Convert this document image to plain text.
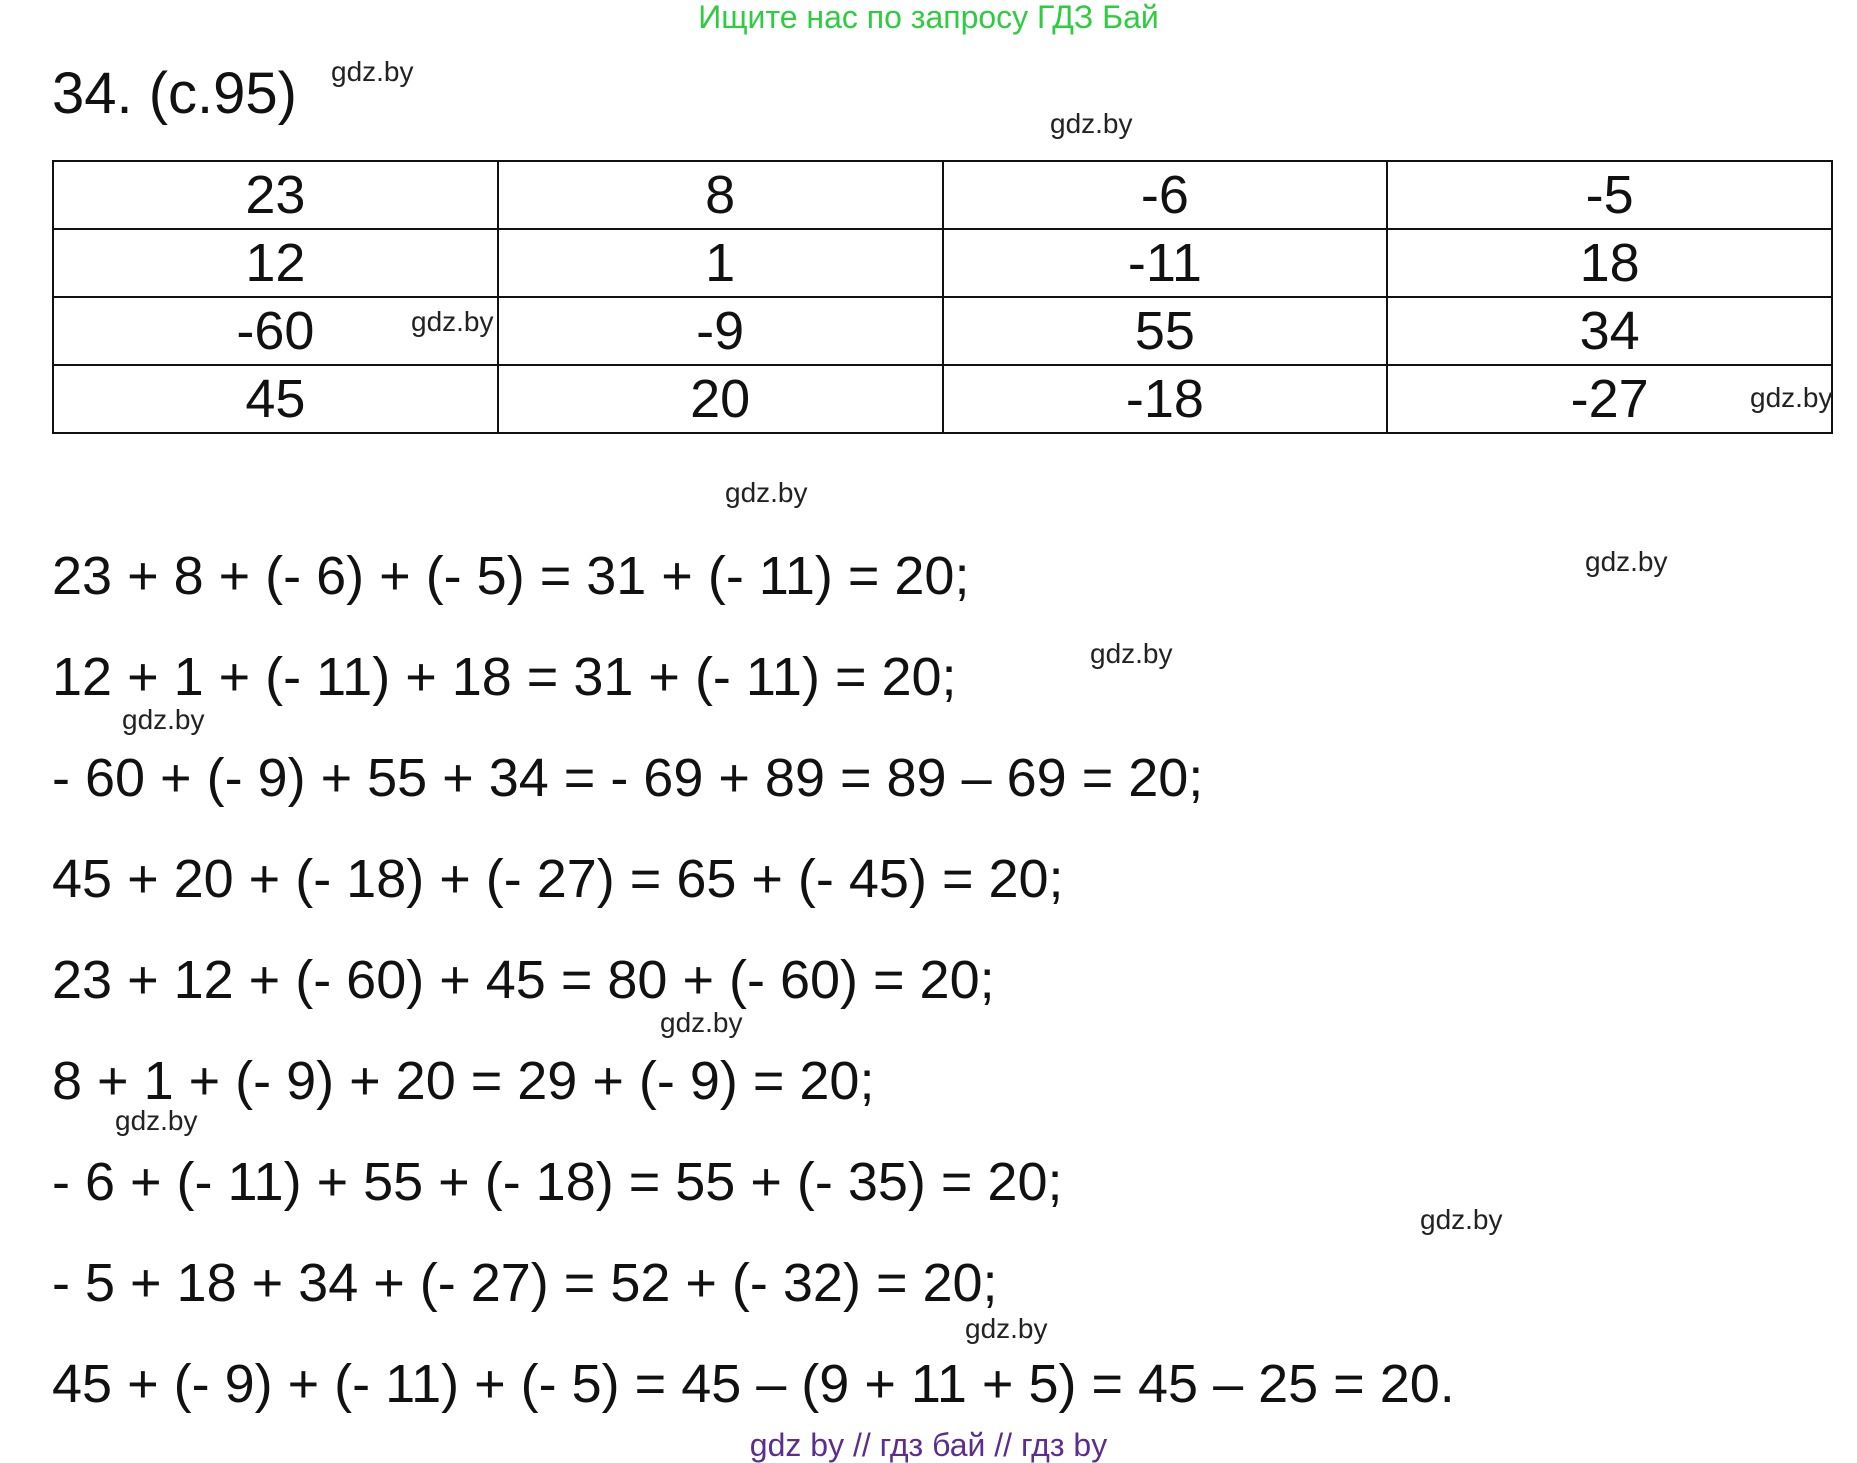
Ищите нас по запросу ГДЗ Бай
34. (с.95)
23	8	-6	-5
12	1	-11	18
-60	-9	55	34
45	20	-18	-27
23 + 8 + (- 6) + (- 5) = 31 + (- 11) = 20;
12 + 1 + (- 11) + 18 = 31 + (- 11) = 20;
- 60 + (- 9) + 55 + 34 = - 69 + 89 = 89 – 69 = 20;
45 + 20 + (- 18) + (- 27) = 65 + (- 45) = 20;
23 + 12 + (- 60) + 45 = 80 + (- 60) = 20;
8 + 1 + (- 9) + 20 = 29 + (- 9) = 20;
- 6 + (- 11) + 55 + (- 18) = 55 + (- 35) = 20;
- 5 + 18 + 34 + (- 27) = 52 + (- 32) = 20;
45 + (- 9) + (- 11) + (- 5) = 45 – (9 + 11 + 5) = 45 – 25 = 20.
gdz.by
gdz.by
gdz.by
gdz.by
gdz.by
gdz.by
gdz.by
gdz.by
gdz.by
gdz.by
gdz.by
gdz.by
gdz by // гдз бай // гдз by
